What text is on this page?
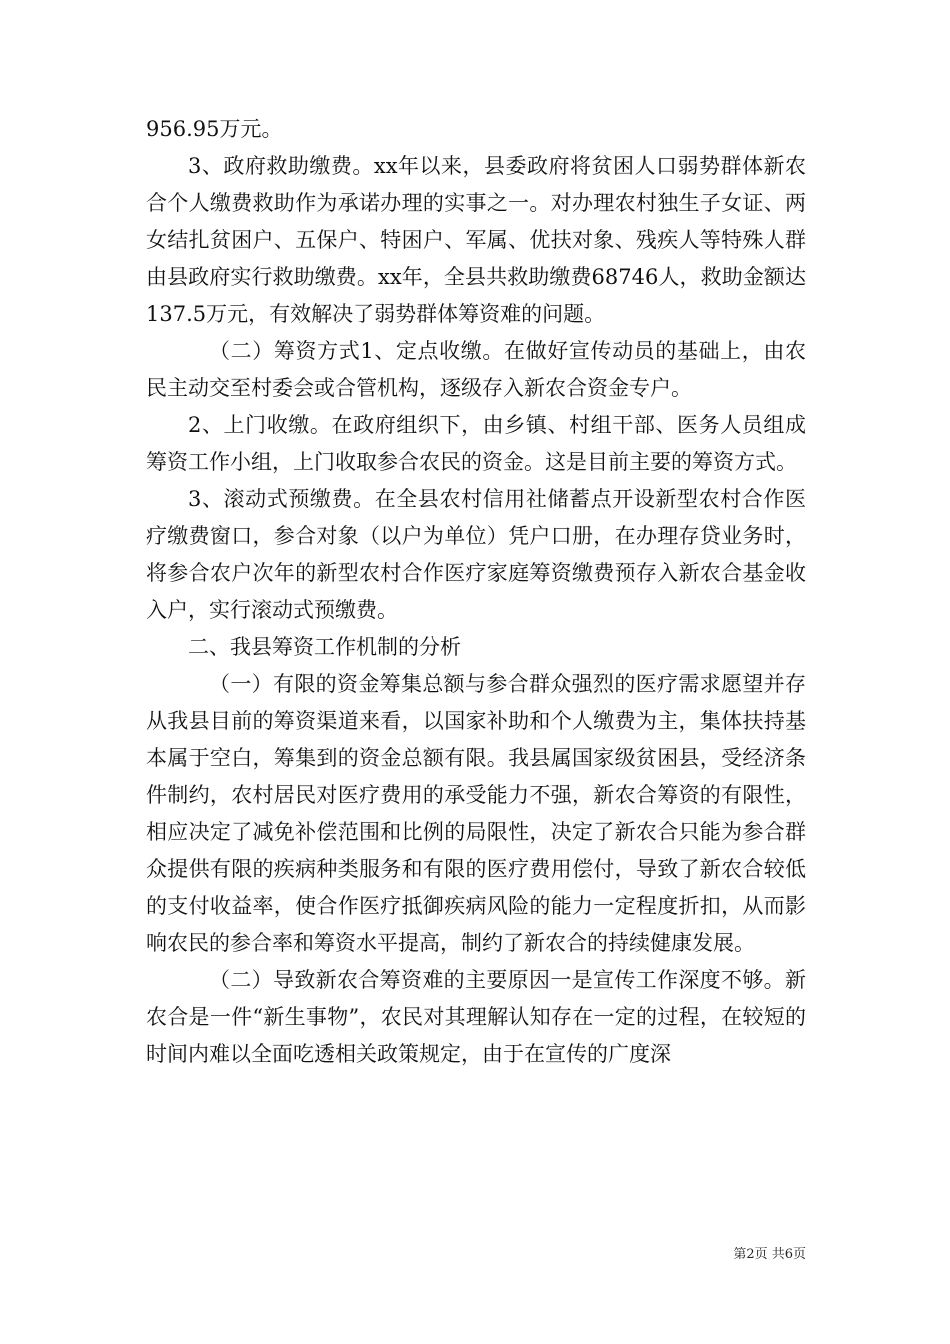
956.95万元。

3、政府救助缴费。xx年以来，县委政府将贫困人口弱势群体新农合个人缴费救助作为承诺办理的实事之一。对办理农村独生子女证、两女结扎贫困户、五保户、特困户、军属、优扶对象、残疾人等特殊人群由县政府实行救助缴费。xx年，全县共救助缴费68746人，救助金额达137.5万元，有效解决了弱势群体筹资难的问题。

（二）筹资方式1、定点收缴。在做好宣传动员的基础上，由农民主动交至村委会或合管机构，逐级存入新农合资金专户。

2、上门收缴。在政府组织下，由乡镇、村组干部、医务人员组成筹资工作小组，上门收取参合农民的资金。这是目前主要的筹资方式。

3、滚动式预缴费。在全县农村信用社储蓄点开设新型农村合作医疗缴费窗口，参合对象（以户为单位）凭户口册，在办理存贷业务时，将参合农户次年的新型农村合作医疗家庭筹资缴费预存入新农合基金收入户，实行滚动式预缴费。

二、我县筹资工作机制的分析

（一）有限的资金筹集总额与参合群众强烈的医疗需求愿望并存从我县目前的筹资渠道来看，以国家补助和个人缴费为主，集体扶持基本属于空白，筹集到的资金总额有限。我县属国家级贫困县，受经济条件制约，农村居民对医疗费用的承受能力不强，新农合筹资的有限性，相应决定了减免补偿范围和比例的局限性，决定了新农合只能为参合群众提供有限的疾病种类服务和有限的医疗费用偿付，导致了新农合较低的支付收益率，使合作医疗抵御疾病风险的能力一定程度折扣，从而影响农民的参合率和筹资水平提高，制约了新农合的持续健康发展。

（二）导致新农合筹资难的主要原因一是宣传工作深度不够。新农合是一件“新生事物”，农民对其理解认知存在一定的过程，在较短的时间内难以全面吃透相关政策规定，由于在宣传的广度深

第2页 共6页
